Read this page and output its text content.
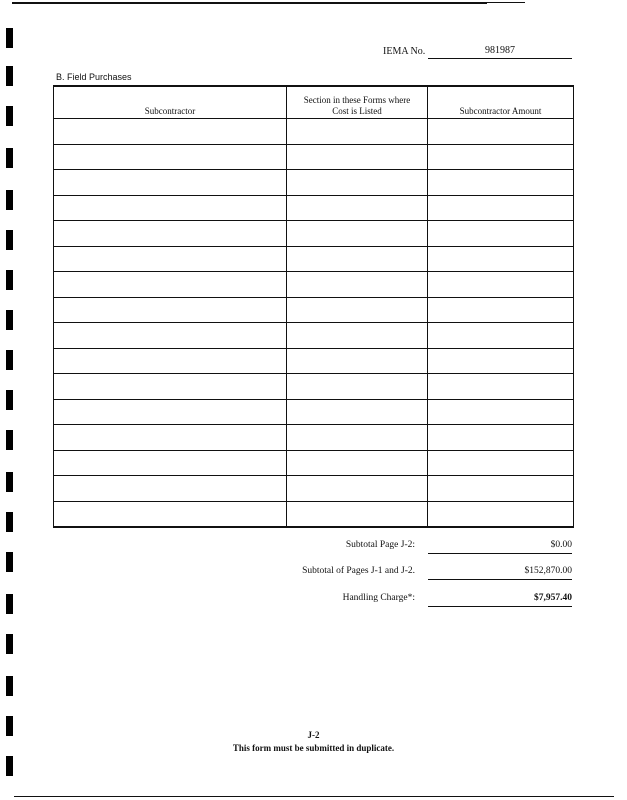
IEMA No.	981987
B. Field Purchases
Subcontractor	Section in these Forms where Cost is Listed	Subcontractor Amount

Subtotal Page J-2:	$0.00
Subtotal of Pages J-1 and J-2.	$152,870.00
Handling Charge*:	$7,957.40
J-2
This form must be submitted in duplicate.
